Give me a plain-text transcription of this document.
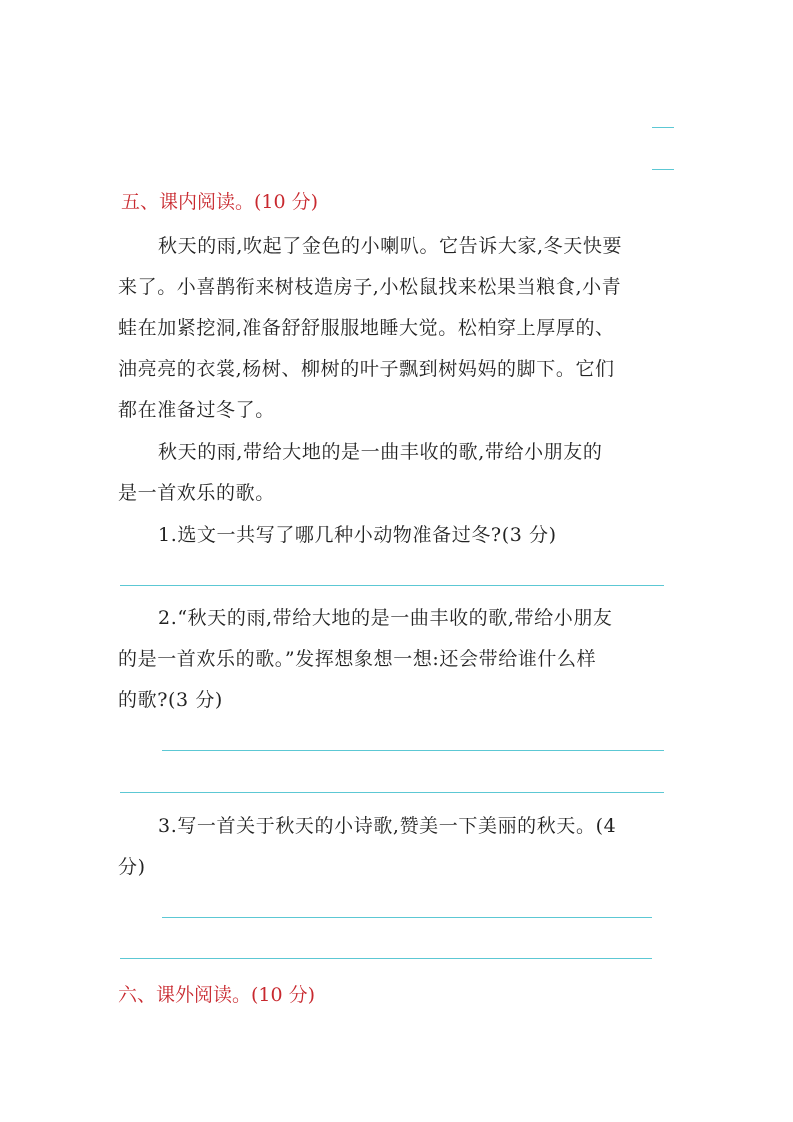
五、课内阅读。(10 分)
秋天的雨,吹起了金色的小喇叭。它告诉大家,冬天快要
来了。小喜鹊衔来树枝造房子,小松鼠找来松果当粮食,小青
蛙在加紧挖洞,准备舒舒服服地睡大觉。松柏穿上厚厚的、
油亮亮的衣裳,杨树、柳树的叶子飘到树妈妈的脚下。它们
都在准备过冬了。
秋天的雨,带给大地的是一曲丰收的歌,带给小朋友的
是一首欢乐的歌。
1.选文一共写了哪几种小动物准备过冬?(3 分)
2.“秋天的雨,带给大地的是一曲丰收的歌,带给小朋友
的是一首欢乐的歌。”发挥想象想一想:还会带给谁什么样
的歌?(3 分)
3.写一首关于秋天的小诗歌,赞美一下美丽的秋天。(4
分)
六、课外阅读。(10 分)
